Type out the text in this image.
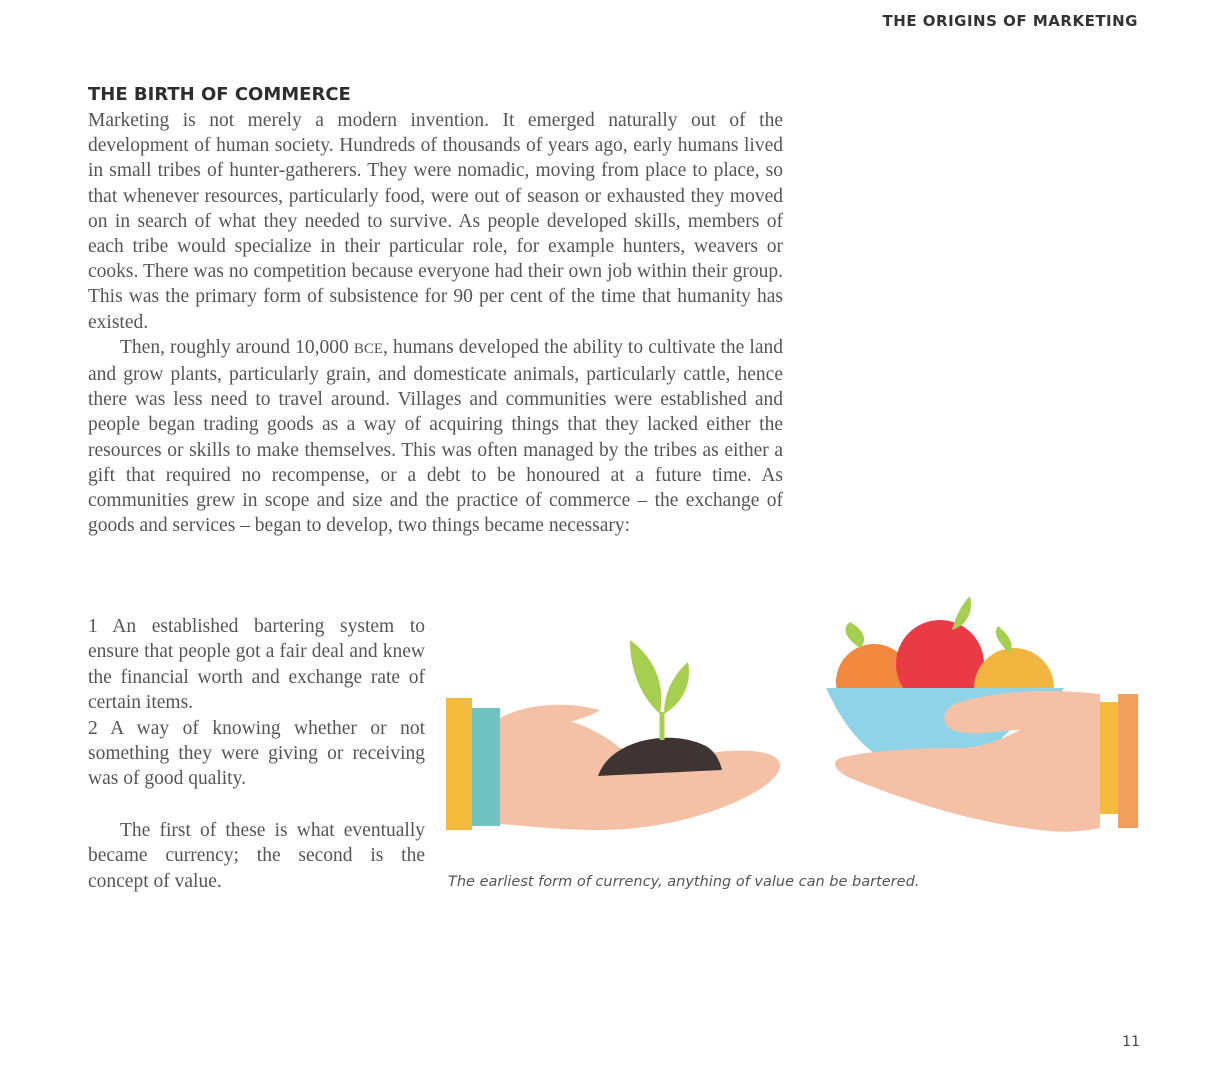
THE ORIGINS OF MARKETING
THE BIRTH OF COMMERCE

Marketing is not merely a modern invention. It emerged naturally out of the development of human society. Hundreds of thousands of years ago, early humans lived in small tribes of hunter-gatherers. They were nomadic, moving from place to place, so that whenever resources, particularly food, were out of season or exhausted they moved on in search of what they needed to survive. As people developed skills, members of each tribe would specialize in their particular role, for example hunters, weavers or cooks. There was no competition because everyone had their own job within their group. This was the primary form of subsistence for 90 per cent of the time that humanity has existed.

Then, roughly around 10,000 BCE, humans developed the ability to cultivate the land and grow plants, particularly grain, and domesticate animals, particularly cattle, hence there was less need to travel around. Villages and communities were established and people began trading goods as a way of acquiring things that they lacked either the resources or skills to make themselves. This was often managed by the tribes as either a gift that required no recompense, or a debt to be honoured at a future time. As communities grew in scope and size and the practice of commerce – the exchange of goods and services – began to develop, two things became necessary:

1 An established bartering system to ensure that people got a fair deal and knew the financial worth and exchange rate of certain items.

2 A way of knowing whether or not something they were giving or receiving was of good quality.

The first of these is what eventually became currency; the second is the concept of value.	The earliest form of currency, anything of value can be bartered.
11
